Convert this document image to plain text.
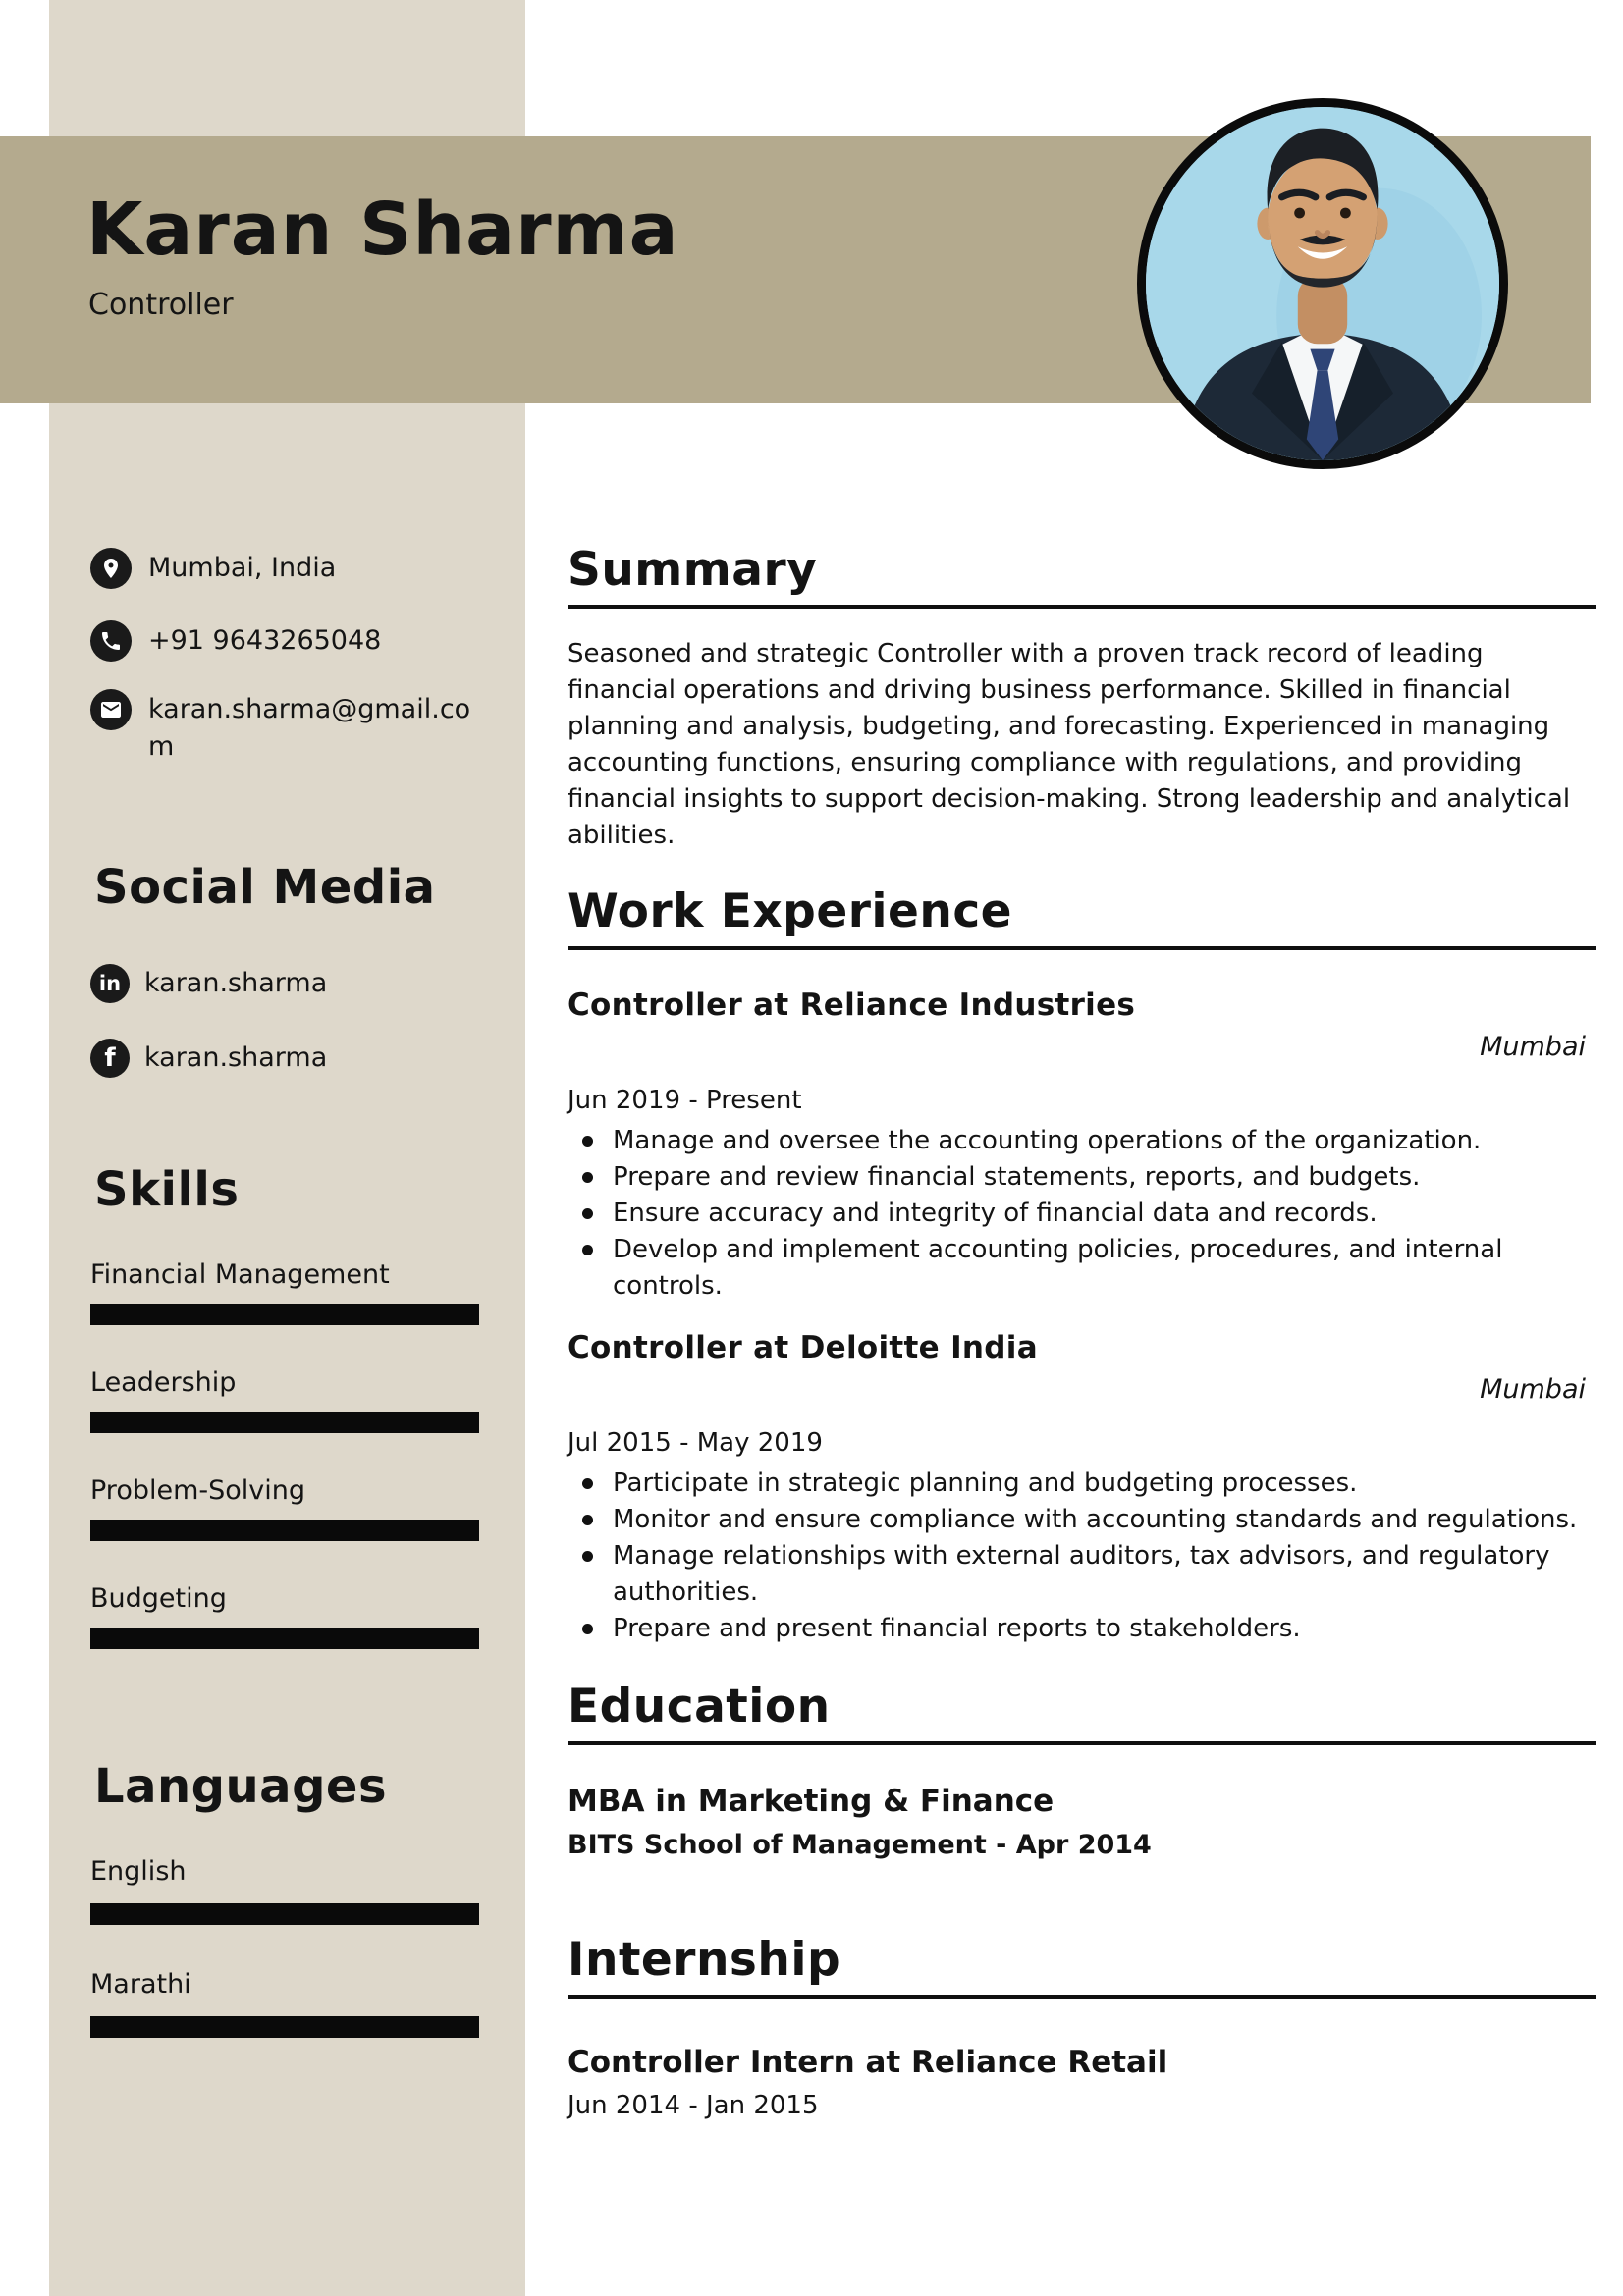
Karan Sharma
Controller
Mumbai, India
+91 9643265048
karan.sharma@gmail.com
Social Media
in karan.sharma
f karan.sharma
Skills
Financial Management
Leadership
Problem-Solving
Budgeting
Languages
English
Marathi
Summary
Seasoned and strategic Controller with a proven track record of leading financial operations and driving business performance. Skilled in financial planning and analysis, budgeting, and forecasting. Experienced in managing accounting functions, ensuring compliance with regulations, and providing financial insights to support decision-making. Strong leadership and analytical abilities.
Work Experience
Controller at Reliance Industries
Mumbai
Jun 2019 - Present
Manage and oversee the accounting operations of the organization.
Prepare and review financial statements, reports, and budgets.
Ensure accuracy and integrity of financial data and records.
Develop and implement accounting policies, procedures, and internal controls.
Controller at Deloitte India
Mumbai
Jul 2015 - May 2019
Participate in strategic planning and budgeting processes.
Monitor and ensure compliance with accounting standards and regulations.
Manage relationships with external auditors, tax advisors, and regulatory authorities.
Prepare and present financial reports to stakeholders.
Education
MBA in Marketing & Finance
BITS School of Management - Apr 2014
Internship
Controller Intern at Reliance Retail
Jun 2014 - Jan 2015
